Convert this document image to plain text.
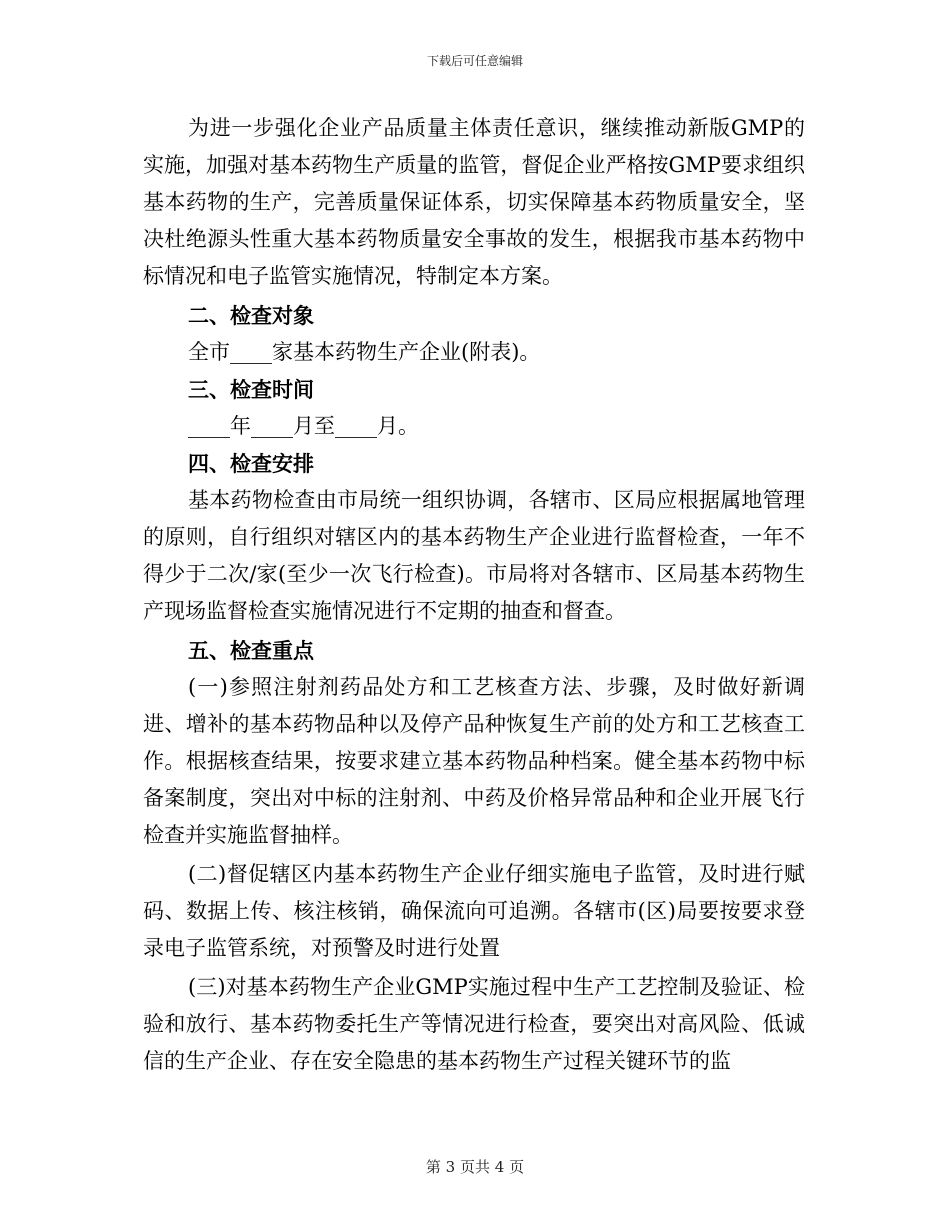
下载后可任意编辑

为进一步强化企业产品质量主体责任意识，继续推动新版GMP的实施，加强对基本药物生产质量的监管，督促企业严格按GMP要求组织基本药物的生产，完善质量保证体系，切实保障基本药物质量安全，坚决杜绝源头性重大基本药物质量安全事故的发生，根据我市基本药物中标情况和电子监管实施情况，特制定本方案。

二、检查对象

全市____家基本药物生产企业(附表)。

三、检查时间

____年____月至____月。

四、检查安排

基本药物检查由市局统一组织协调，各辖市、区局应根据属地管理的原则，自行组织对辖区内的基本药物生产企业进行监督检查，一年不得少于二次/家(至少一次飞行检查)。市局将对各辖市、区局基本药物生产现场监督检查实施情况进行不定期的抽查和督查。

五、检查重点

(一)参照注射剂药品处方和工艺核查方法、步骤，及时做好新调进、增补的基本药物品种以及停产品种恢复生产前的处方和工艺核查工作。根据核查结果，按要求建立基本药物品种档案。健全基本药物中标备案制度，突出对中标的注射剂、中药及价格异常品种和企业开展飞行检查并实施监督抽样。

(二)督促辖区内基本药物生产企业仔细实施电子监管，及时进行赋码、数据上传、核注核销，确保流向可追溯。各辖市(区)局要按要求登录电子监管系统，对预警及时进行处置

(三)对基本药物生产企业GMP实施过程中生产工艺控制及验证、检验和放行、基本药物委托生产等情况进行检查，要突出对高风险、低诚信的生产企业、存在安全隐患的基本药物生产过程关键环节的监

第 3 页共 4 页
